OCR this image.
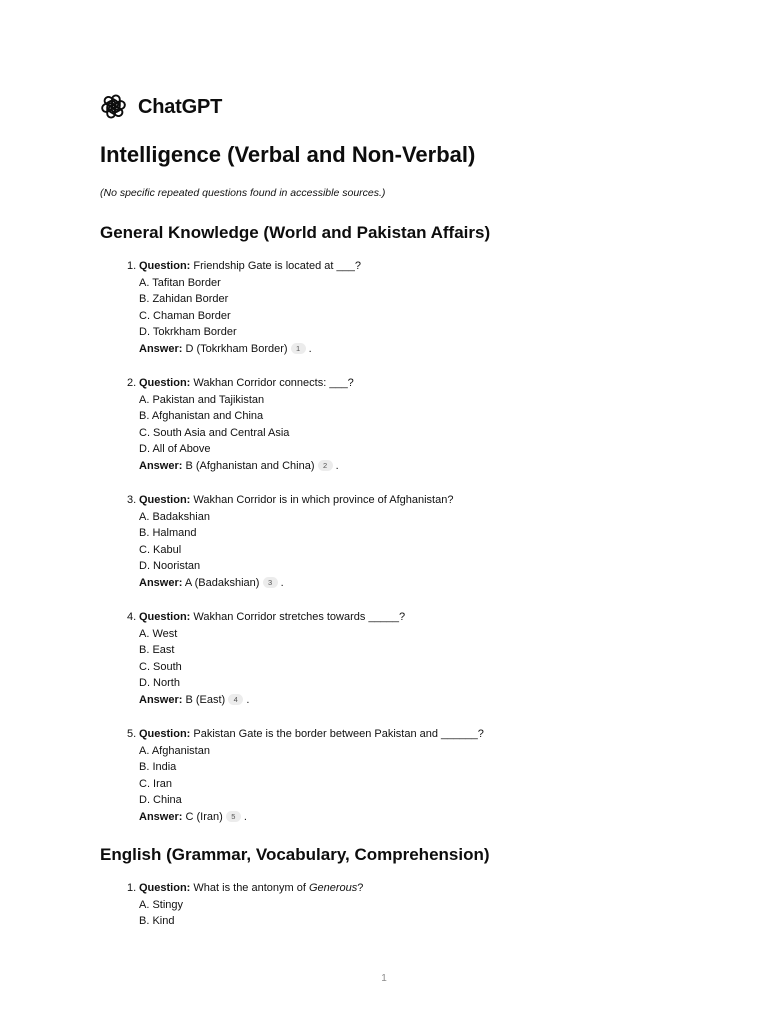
ChatGPT
Intelligence (Verbal and Non-Verbal)

(No specific repeated questions found in accessible sources.)

General Knowledge (World and Pakistan Affairs)
1. Question: Friendship Gate is located at ___?
A. Tafitan Border
B. Zahidan Border
C. Chaman Border
D. Tokrkham Border
Answer: D (Tokrkham Border) 1 .
2. Question: Wakhan Corridor connects: ___?
A. Pakistan and Tajikistan
B. Afghanistan and China
C. South Asia and Central Asia
D. All of Above
Answer: B (Afghanistan and China) 2 .
3. Question: Wakhan Corridor is in which province of Afghanistan?
A. Badakshian
B. Halmand
C. Kabul
D. Nooristan
Answer: A (Badakshian) 3 .
4. Question: Wakhan Corridor stretches towards _____?
A. West
B. East
C. South
D. North
Answer: B (East) 4 .
5. Question: Pakistan Gate is the border between Pakistan and ______?
A. Afghanistan
B. India
C. Iran
D. China
Answer: C (Iran) 5 .
English (Grammar, Vocabulary, Comprehension)
1. Question: What is the antonym of Generous?
A. Stingy
B. Kind
1
